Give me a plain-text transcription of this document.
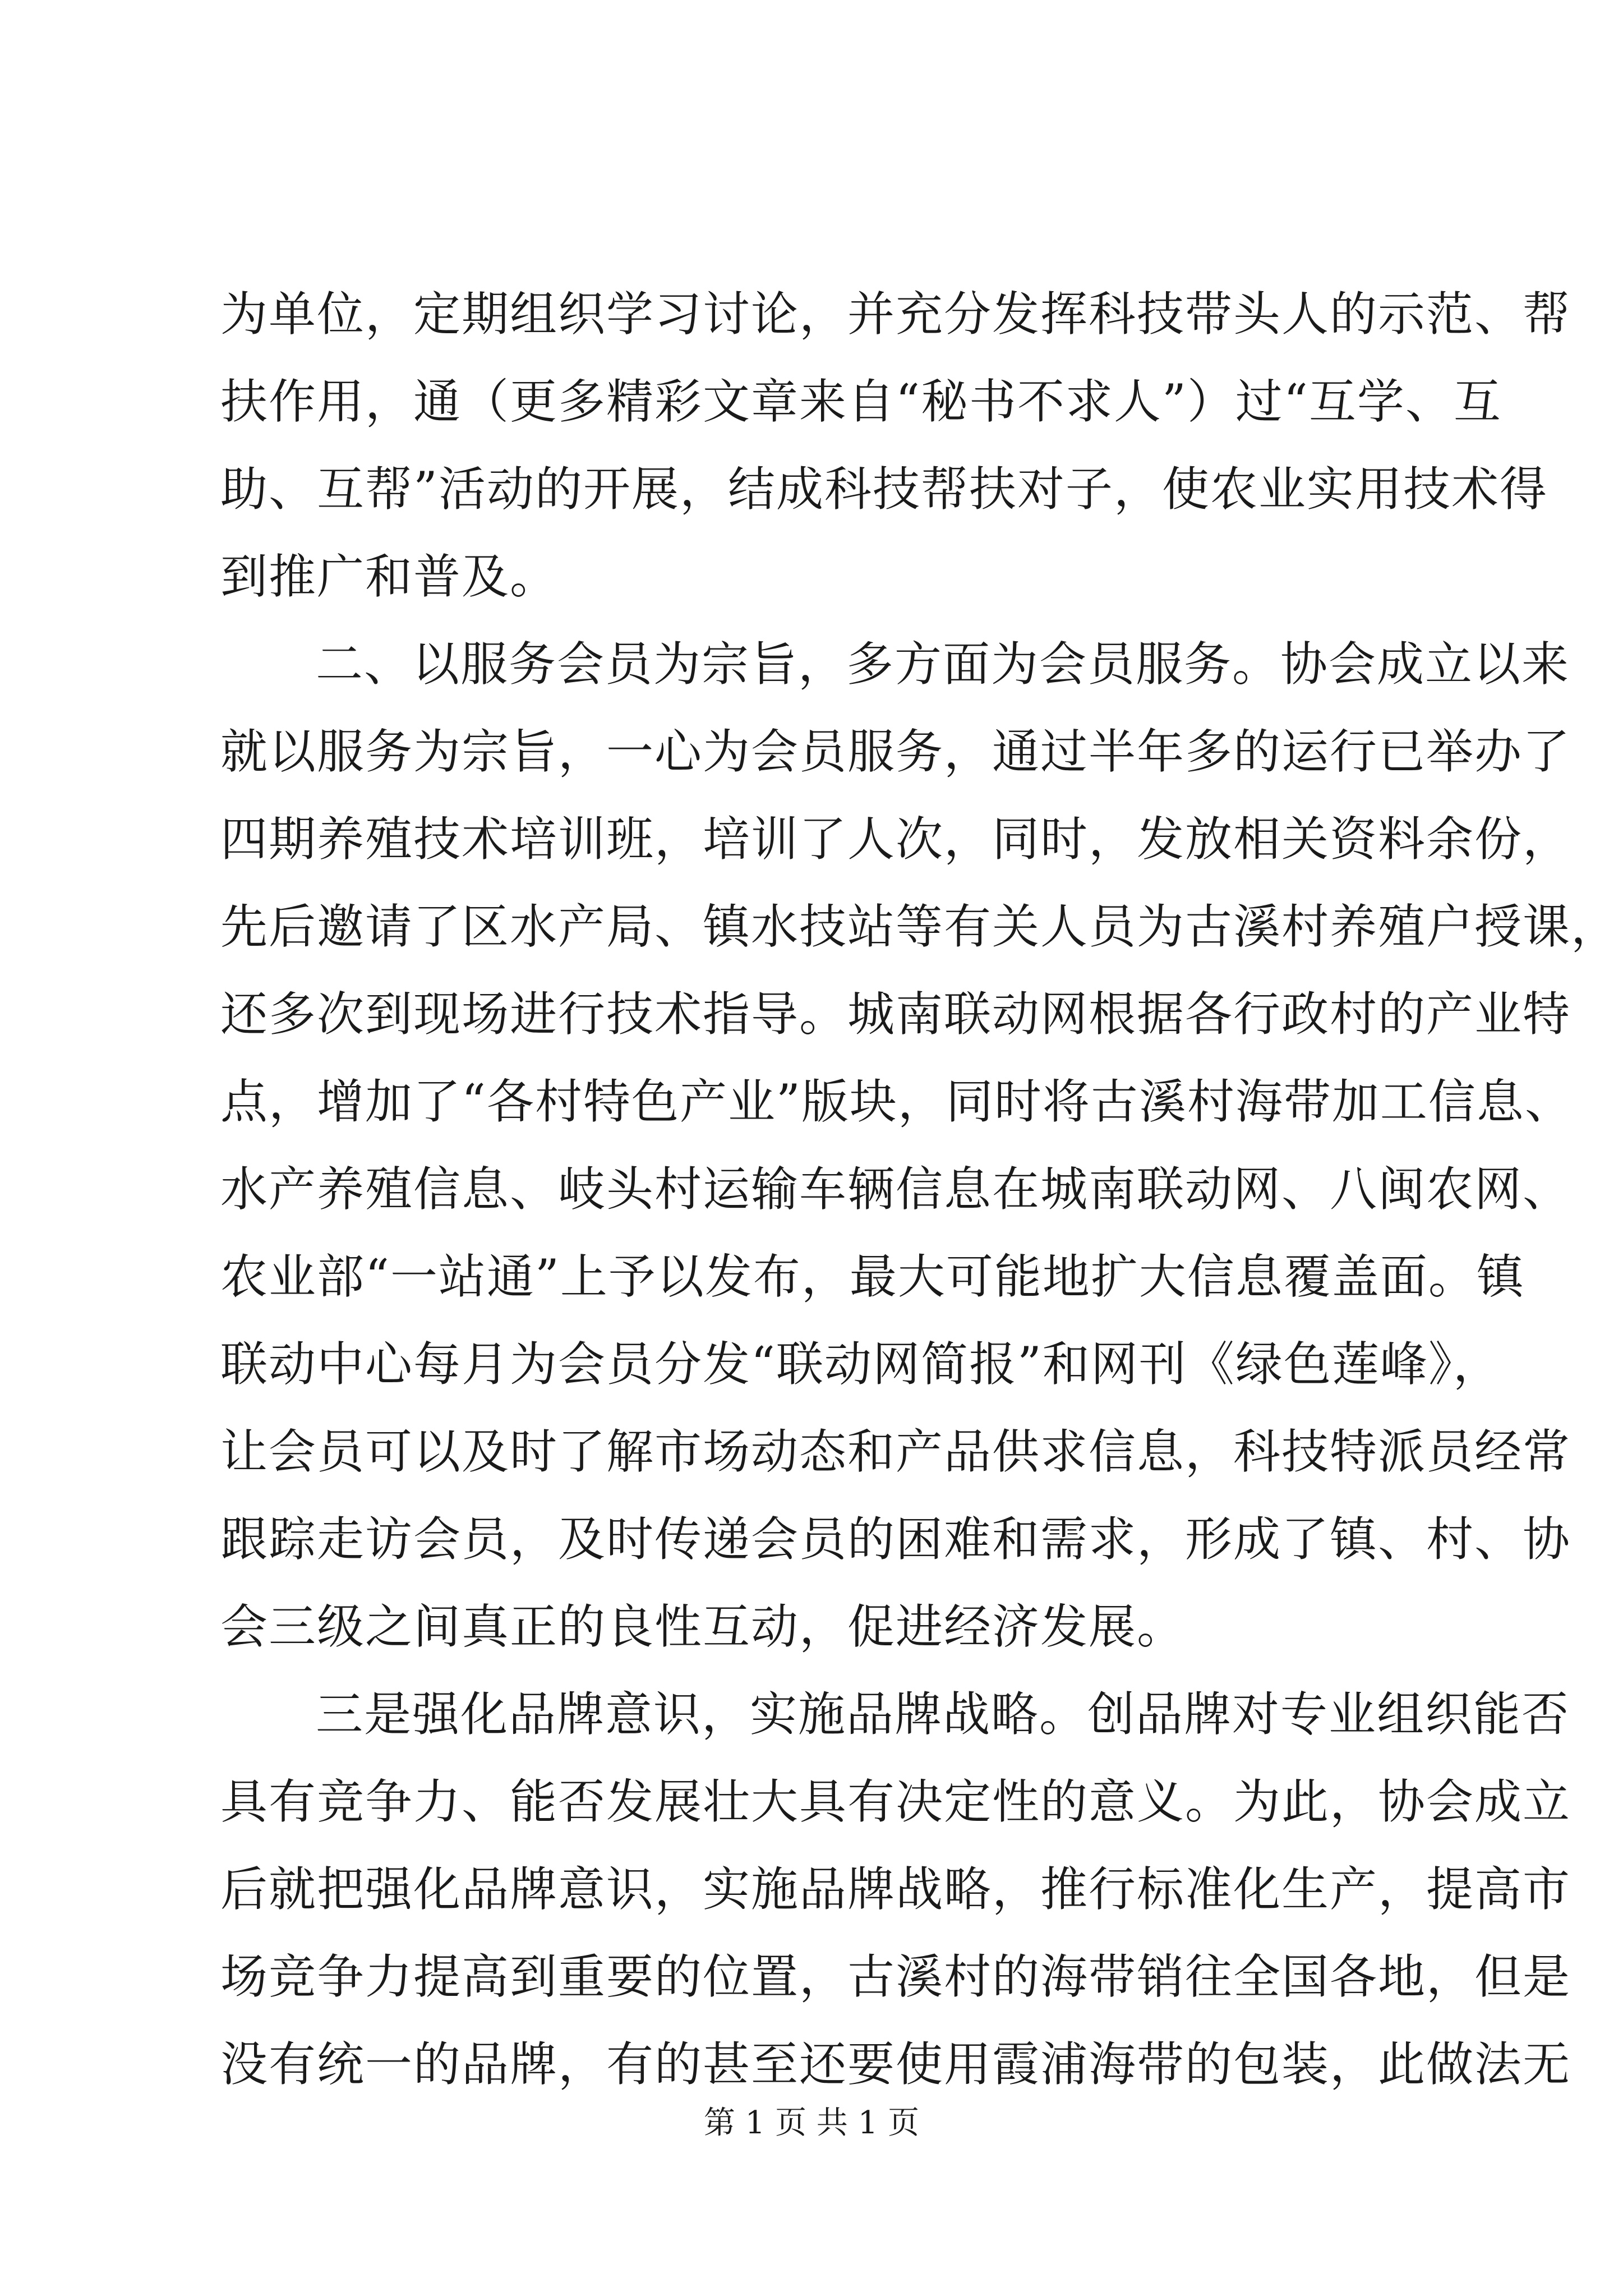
为单位，定期组织学习讨论，并充分发挥科技带头人的示范、帮
扶作用，通（更多精彩文章来自“秘书不求人”）过“互学、互
助、互帮”活动的开展，结成科技帮扶对子，使农业实用技术得
到推广和普及。
二、以服务会员为宗旨，多方面为会员服务。协会成立以来
就以服务为宗旨，一心为会员服务，通过半年多的运行已举办了
四期养殖技术培训班，培训了人次，同时，发放相关资料余份，
先后邀请了区水产局、镇水技站等有关人员为古溪村养殖户授课，
还多次到现场进行技术指导。城南联动网根据各行政村的产业特
点，增加了“各村特色产业”版块，同时将古溪村海带加工信息、
水产养殖信息、岐头村运输车辆信息在城南联动网、八闽农网、
农业部“一站通”上予以发布，最大可能地扩大信息覆盖面。镇
联动中心每月为会员分发“联动网简报”和网刊《绿色莲峰》，
让会员可以及时了解市场动态和产品供求信息，科技特派员经常
跟踪走访会员，及时传递会员的困难和需求，形成了镇、村、协
会三级之间真正的良性互动，促进经济发展。
三是强化品牌意识，实施品牌战略。创品牌对专业组织能否
具有竞争力、能否发展壮大具有决定性的意义。为此，协会成立
后就把强化品牌意识，实施品牌战略，推行标准化生产，提高市
场竞争力提高到重要的位置，古溪村的海带销往全国各地，但是
没有统一的品牌，有的甚至还要使用霞浦海带的包装，此做法无
第 1 页 共 1 页
